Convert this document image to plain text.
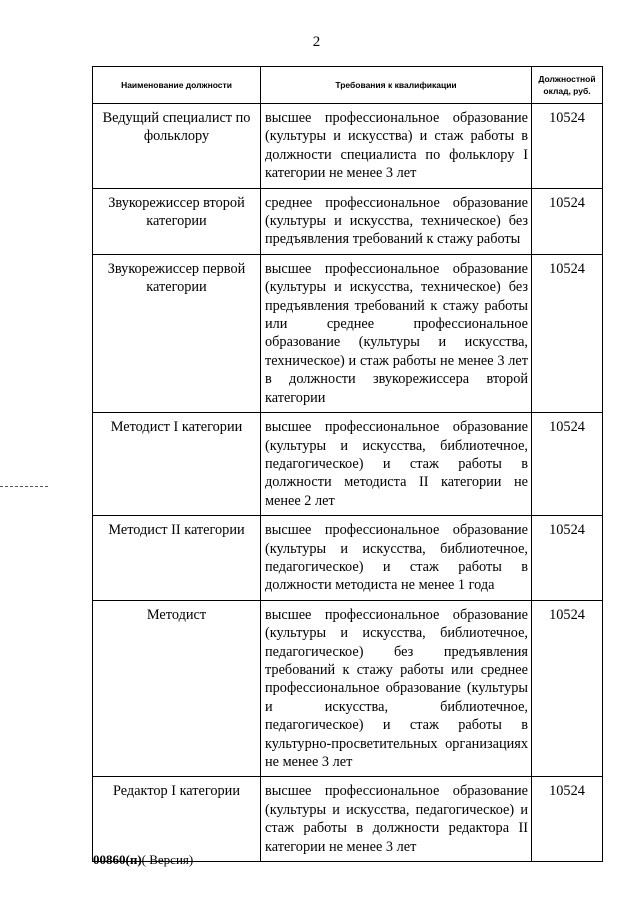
2
Наименование должности	Требования к квалификации	Должностной оклад, руб.
Ведущий специалист по фольклору	высшее профессиональное образование (культуры и искусства) и стаж работы в должности специалиста по фольклору I категории не менее 3 лет	10524
Звукорежиссер второй категории	среднее профессиональное образование (культуры и искусства, техническое) без предъявления требований к стажу работы	10524
Звукорежиссер первой категории	высшее профессиональное образование (культуры и искусства, техническое) без предъявления требований к стажу работы или среднее профессиональное образование (культуры и искусства, техническое) и стаж работы не менее 3 лет в должности звукорежиссера второй категории	10524
Методист I категории	высшее профессиональное образование (культуры и искусства, библиотечное, педагогическое) и стаж работы в должности методиста II категории не менее 2 лет	10524
Методист II категории	высшее профессиональное образование (культуры и искусства, библиотечное, педагогическое) и стаж работы в должности методиста не менее 1 года	10524
Методист	высшее профессиональное образование (культуры и искусства, библиотечное, педагогическое) без предъявления требований к стажу работы или среднее профессиональное образование (культуры и искусства, библиотечное, педагогическое) и стаж работы в культурно-просветительных организациях не менее 3 лет	10524
Редактор I категории	высшее профессиональное образование (культуры и искусства, педагогическое) и стаж работы в должности редактора II категории не менее 3 лет	10524
00860(п)( Версия)
